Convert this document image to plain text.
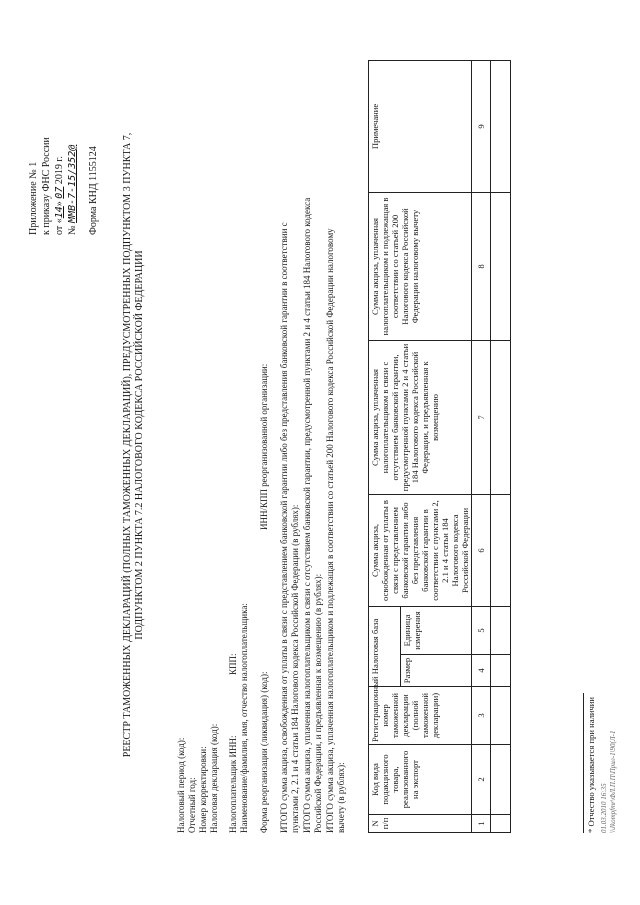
Приложение № 1 к приказу ФНС России от «14» 07 2019 г.
№ ММВ-7-15/352@ Форма КНД 1155124 РЕЕСТР ТАМОЖЕННЫХ ДЕКЛАРАЦИЙ (ПОЛНЫХ ТАМОЖЕННЫХ ДЕКЛАРАЦИЙ), ПРЕДУСМОТРЕННЫХ ПОДПУНКТОМ 3 ПУНКТА 7, ПОДПУНКТОМ 2 ПУНКТА 7.2 НАЛОГОВОГО КОДЕКСА РОССИЙСКОЙ ФЕДЕРАЦИИ
Налоговый период (код): Отчетный год: Номер корректировки: Налоговая декларация (код): Налогоплательщик ИНН:
КПП: Наименование/фамилия, имя, отчество налогоплательщика: Форма реорганизации (ликвидация) (код):
ИНН/КПП реорганизованной организации: ИТОГО сумма акциза, освобожденная от уплаты в связи с представлением банковской гарантии либо без представления банковской гарантии в соответствии с пунктами 2, 2.1 и 4 статьи 184 Налогового кодекса Российской Федерации (в рублях): ИТОГО сумма акциза, уплаченная налогоплательщиком в связи с отсутствием банковской гарантии, предусмотренной пунктами 2 и 4 статьи 184 Налогового кодекса Российской Федерации, и предъявленная к возмещению (в рублях): ИТОГО сумма акциза, уплаченная налогоплательщиком и подлежащая в соответствии со статьей 200 Налогового кодекса Российской Федерации налоговому вычету (в рублях):	N п/п	Код вида подакцизного товара, реализованного на экспорт	Регистрационный номер таможенной декларации (полной таможенной декларации)	Налоговая база		Сумма акциза, освобожденная от уплаты в связи с представлением банковской гарантии либо без представления банковской гарантии в соответствии с пунктами 2, 2.1 и 4 статьи 184 Налогового кодекса Российской Федерации	Сумма акциза, уплаченная налогоплательщиком в связи с отсутствием банковской гарантии, предусмотренной пунктами 2 и 4 статьи 184 Налогового кодекса Российской Федерации, и предъявленная к возмещению	Сумма акциза, уплаченная налогоплательщиком и подлежащая в соответствии со статьей 200 Налогового кодекса Российской Федерации налоговому вычету	Примечание
			Размер	Единица измерения				
1	2	3	4	5	6	7	8	9

* Отчество указывается при наличии 01.03.2010 16:35 \\Jkompfmr\ФЛ.П.П\Прил-1\90(Л-1
